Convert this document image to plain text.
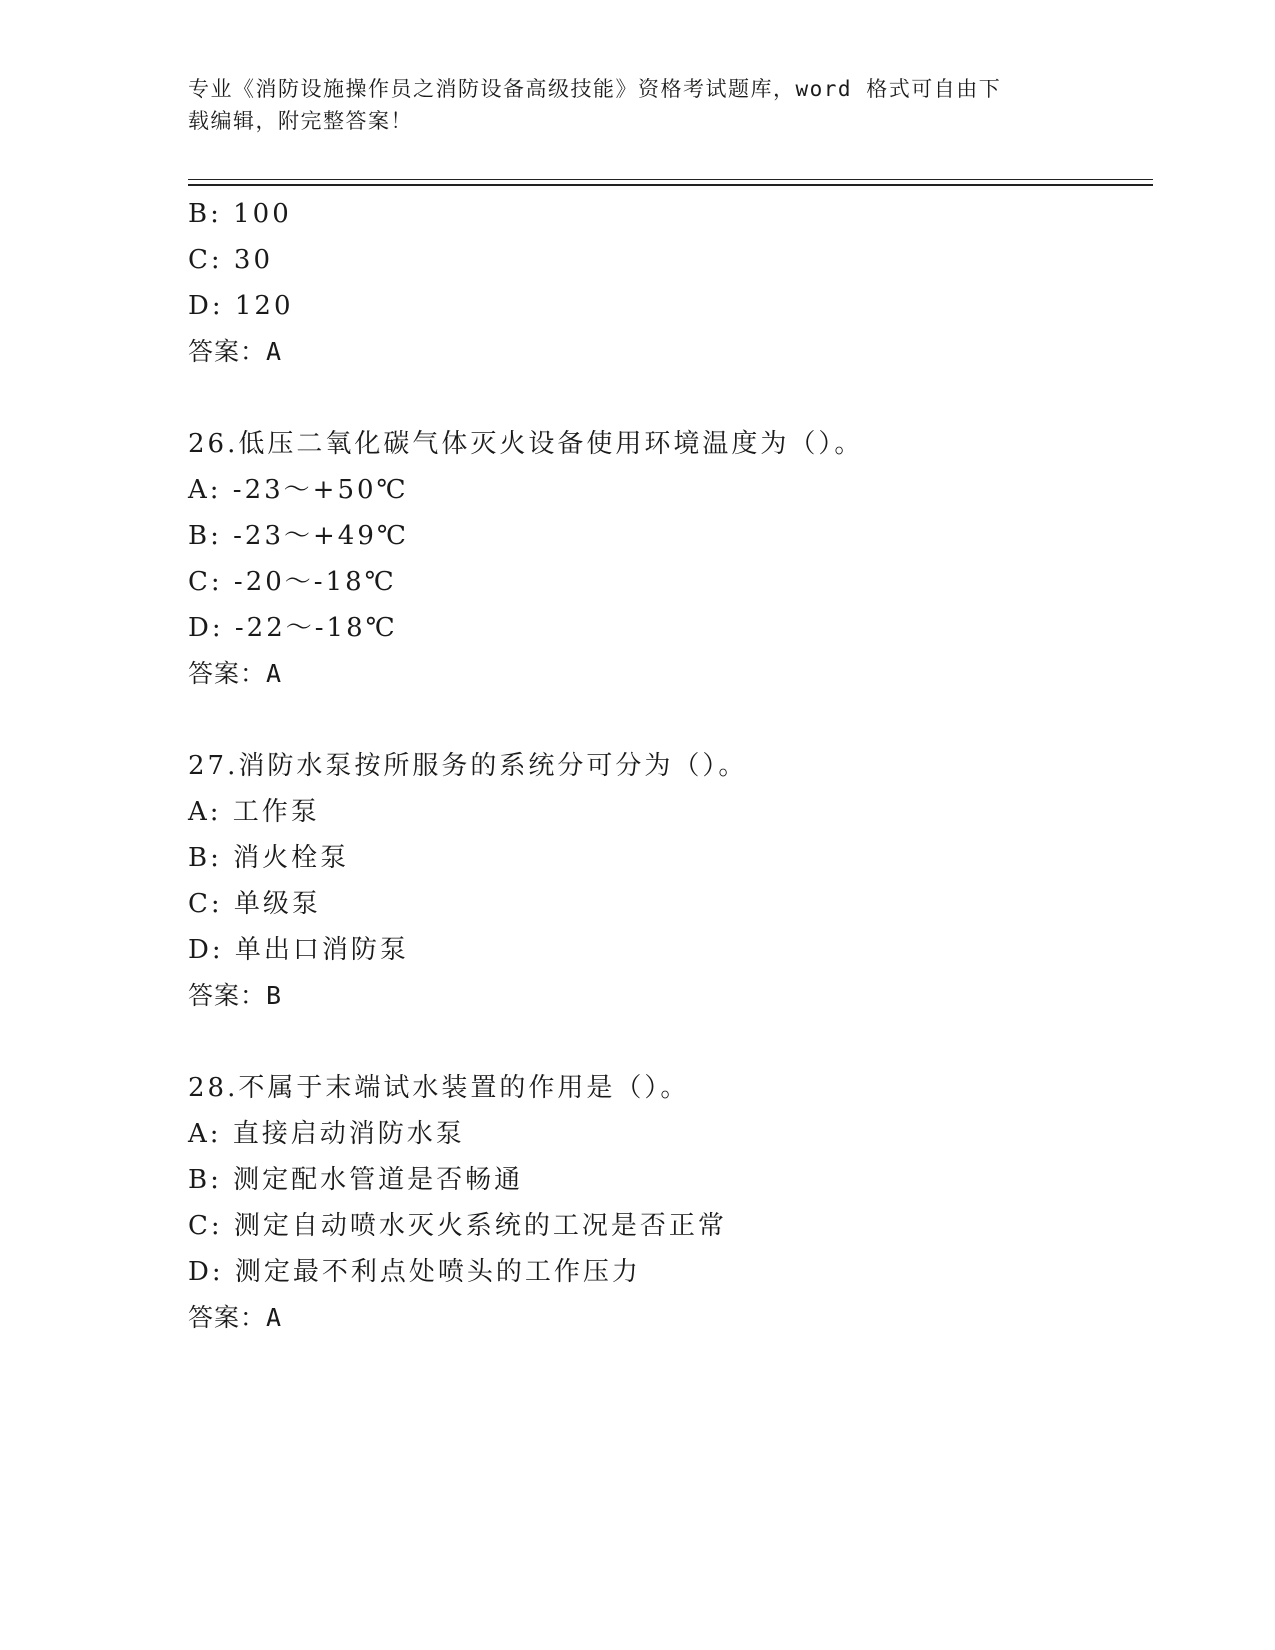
专业《消防设施操作员之消防设备高级技能》资格考试题库，word 格式可自由下
载编辑，附完整答案！
B: 100
C: 30
D: 120
答案：A
26.低压二氧化碳气体灭火设备使用环境温度为（）。
A: -23～+50℃
B: -23～+49℃
C: -20～-18℃
D: -22～-18℃
答案：A
27.消防水泵按所服务的系统分可分为（）。
A: 工作泵
B: 消火栓泵
C: 单级泵
D: 单出口消防泵
答案：B
28.不属于末端试水装置的作用是（）。
A: 直接启动消防水泵
B: 测定配水管道是否畅通
C: 测定自动喷水灭火系统的工况是否正常
D: 测定最不利点处喷头的工作压力
答案：A
